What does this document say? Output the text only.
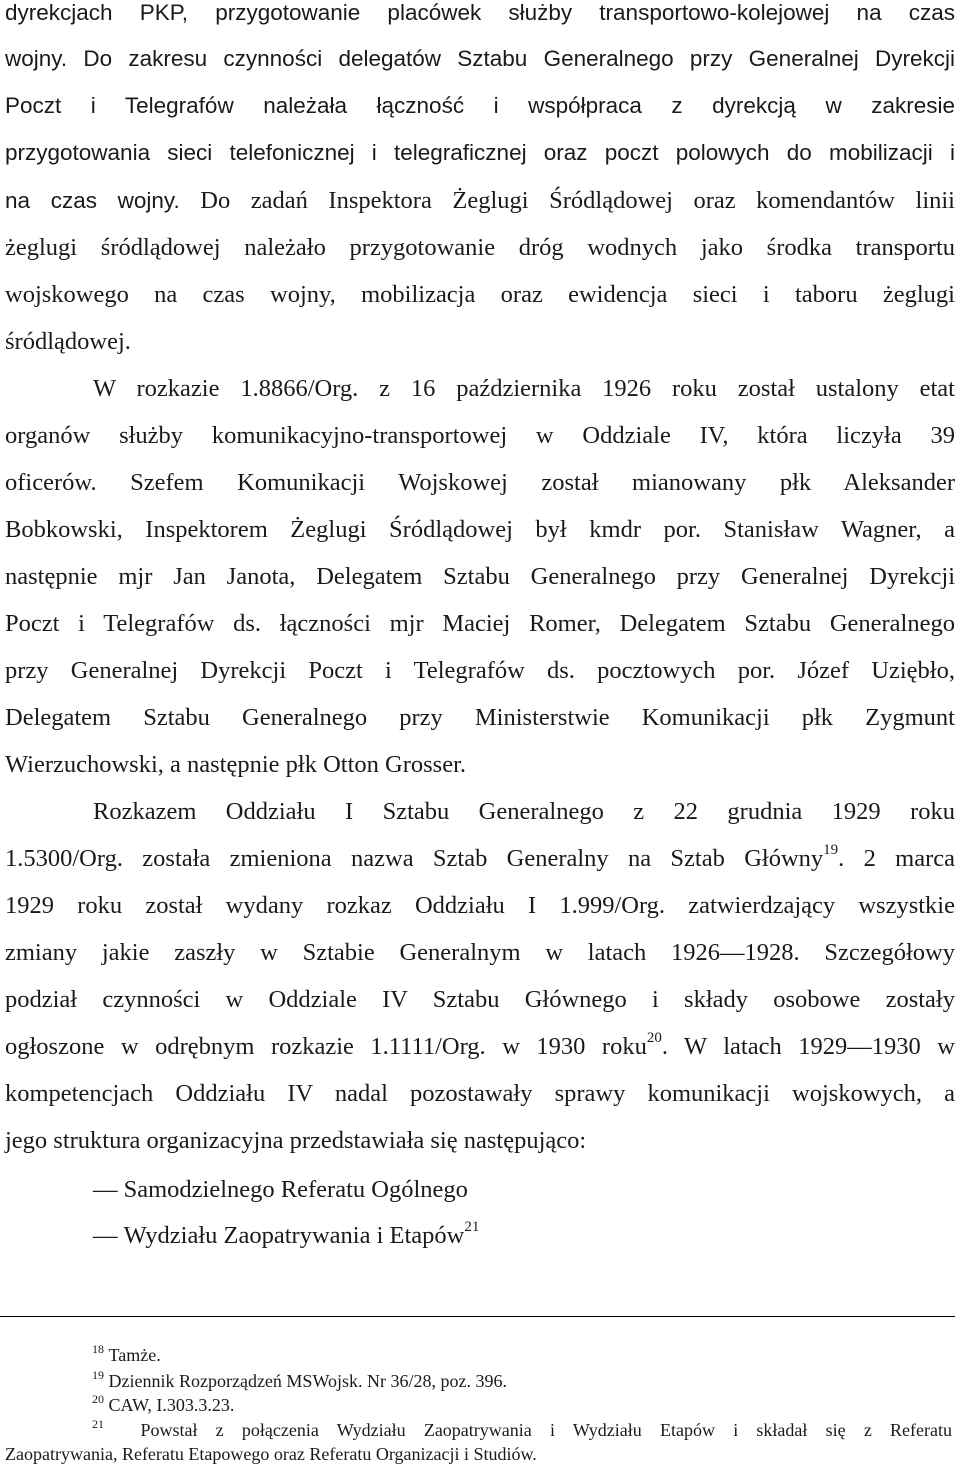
dyrekcjach PKP, przygotowanie placówek służby transportowo-kolejowej na czas
wojny. Do zakresu czynności delegatów Sztabu Generalnego przy Generalnej Dyrekcji
Poczt i Telegrafów należała łączność i współpraca z dyrekcją w zakresie
przygotowania sieci telefonicznej i telegraficznej oraz poczt polowych do mobilizacji i
na czas wojny. Do zadań Inspektora Żeglugi Śródlądowej oraz komendantów linii
żeglugi śródlądowej należało przygotowanie dróg wodnych jako środka transportu
wojskowego na czas wojny, mobilizacja oraz ewidencja sieci i taboru żeglugi
śródlądowej.
W rozkazie 1.8866/Org. z 16 października 1926 roku został ustalony etat
organów służby komunikacyjno-transportowej w Oddziale IV, która liczyła 39
oficerów. Szefem Komunikacji Wojskowej został mianowany płk Aleksander
Bobkowski, Inspektorem Żeglugi Śródlądowej był kmdr por. Stanisław Wagner, a
następnie mjr Jan Janota, Delegatem Sztabu Generalnego przy Generalnej Dyrekcji
Poczt i Telegrafów ds. łączności mjr Maciej Romer, Delegatem Sztabu Generalnego
przy Generalnej Dyrekcji Poczt i Telegrafów ds. pocztowych por. Józef Uziębło,
Delegatem Sztabu Generalnego przy Ministerstwie Komunikacji płk Zygmunt
Wierzuchowski, a następnie płk Otton Grosser.
Rozkazem Oddziału I Sztabu Generalnego z 22 grudnia 1929 roku
1.5300/Org. została zmieniona nazwa Sztab Generalny na Sztab Główny$^{19}$. 2 marca
1929 roku został wydany rozkaz Oddziału I 1.999/Org. zatwierdzający wszystkie
zmiany jakie zaszły w Sztabie Generalnym w latach 1926—1928. Szczegółowy
podział czynności w Oddziale IV Sztabu Głównego i składy osobowe zostały
ogłoszone w odrębnym rozkazie 1.1111/Org. w 1930 roku$^{20}$. W latach 1929—1930 w
kompetencjach Oddziału IV nadal pozostawały sprawy komunikacji wojskowych, a
jego struktura organizacyjna przedstawiała się następująco:
— Samodzielnego Referatu Ogólnego
— Wydziału Zaopatrywania i Etapów$^{21}$
$^{18}$ Tamże.
$^{19}$ Dziennik Rozporządzeń MSWojsk. Nr 36/28, poz. 396.
$^{20}$ CAW, I.303.3.23.
$^{21}$ Powstał z połączenia Wydziału Zaopatrywania i Wydziału Etapów i składał się z Referatu
Zaopatrywania, Referatu Etapowego oraz Referatu Organizacji i Studiów.
